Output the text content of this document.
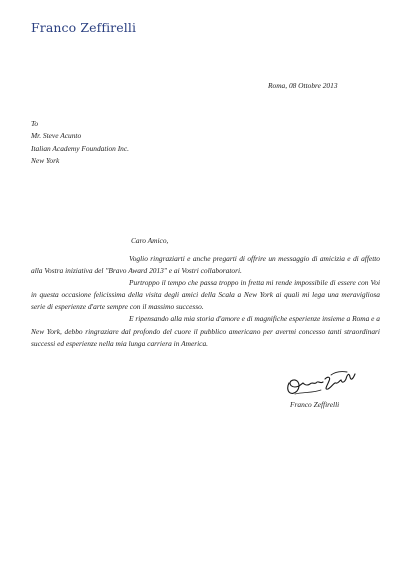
Franco Zeffirelli
Roma, 08 Ottobre 2013
To
Mr. Steve Acunto
Italian Academy Foundation Inc.
New York
Caro Amico,
Voglio ringraziarti e anche pregarti di offrire un messaggio di amicizia e di affetto alla Vostra iniziativa del "Bravo Award 2013" e ai Vostri collaboratori.
Purtroppo il tempo che passa troppo in fretta mi rende impossibile di essere con Voi in questa occasione felicissima della visita degli amici della Scala a New York ai quali mi lega una meravigliosa serie di esperienze d'arte sempre con il massimo successo.
E ripensando alla mia storia d'amore e di magnifiche esperienze insieme a Roma e a New York, debbo ringraziare dal profondo del cuore il pubblico americano per avermi concesso tanti straordinari successi ed esperienze nella mia lunga carriera in America.
Franco Zeffirelli
